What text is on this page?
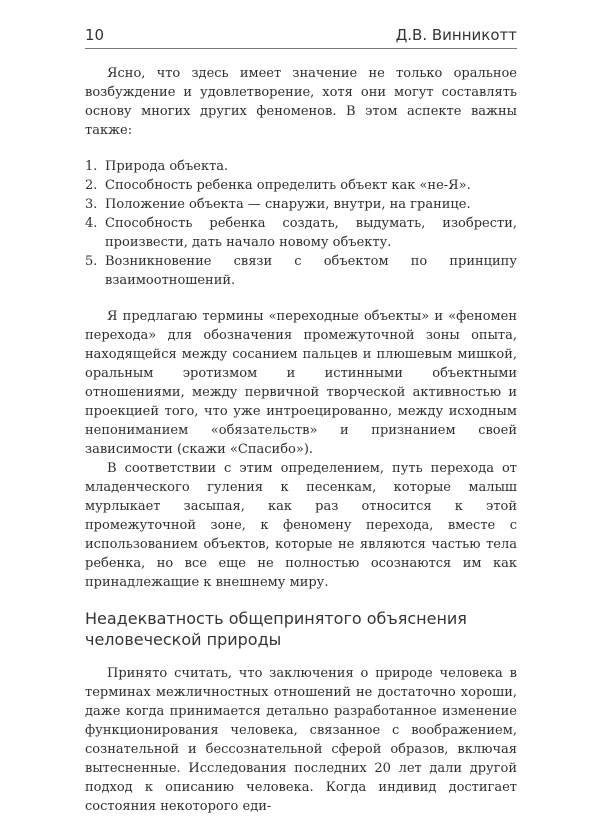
10	Д.В. Винникотт

Ясно, что здесь имеет значение не только оральное возбуждение и удовлетворение, хотя они могут составлять основу многих других феноменов. В этом аспекте важны также:

1. Природа объекта.
2. Способность ребенка определить объект как «не-Я».
3. Положение объекта — снаружи, внутри, на границе.
4. Способность ребенка создать, выдумать, изобрести, произвести, дать начало новому объекту.
5. Возникновение связи с объектом по принципу взаимоотношений.

Я предлагаю термины «переходные объекты» и «феномен перехода» для обозначения промежуточной зоны опыта, находящейся между сосанием пальцев и плюшевым мишкой, оральным эротизмом и истинными объектными отношениями, между первичной творческой активностью и проекцией того, что уже интроецированно, между исходным непониманием «обязательств» и признанием своей зависимости (скажи «Спасибо»).

В соответствии с этим определением, путь перехода от младенческого гуления к песенкам, которые малыш мурлыкает засыпая, как раз относится к этой промежуточной зоне, к феномену перехода, вместе с использованием объектов, которые не являются частью тела ребенка, но все еще не полностью осознаются им как принадлежащие к внешнему миру.

Неадекватность общепринятого объяснения человеческой природы

Принято считать, что заключения о природе человека в терминах межличностных отношений не достаточно хороши, даже когда принимается детально разработанное изменение функционирования человека, связанное с воображением, сознательной и бессознательной сферой образов, включая вытесненные. Исследования последних 20 лет дали другой подход к описанию человека. Когда индивид достигает состояния некоторого еди-
